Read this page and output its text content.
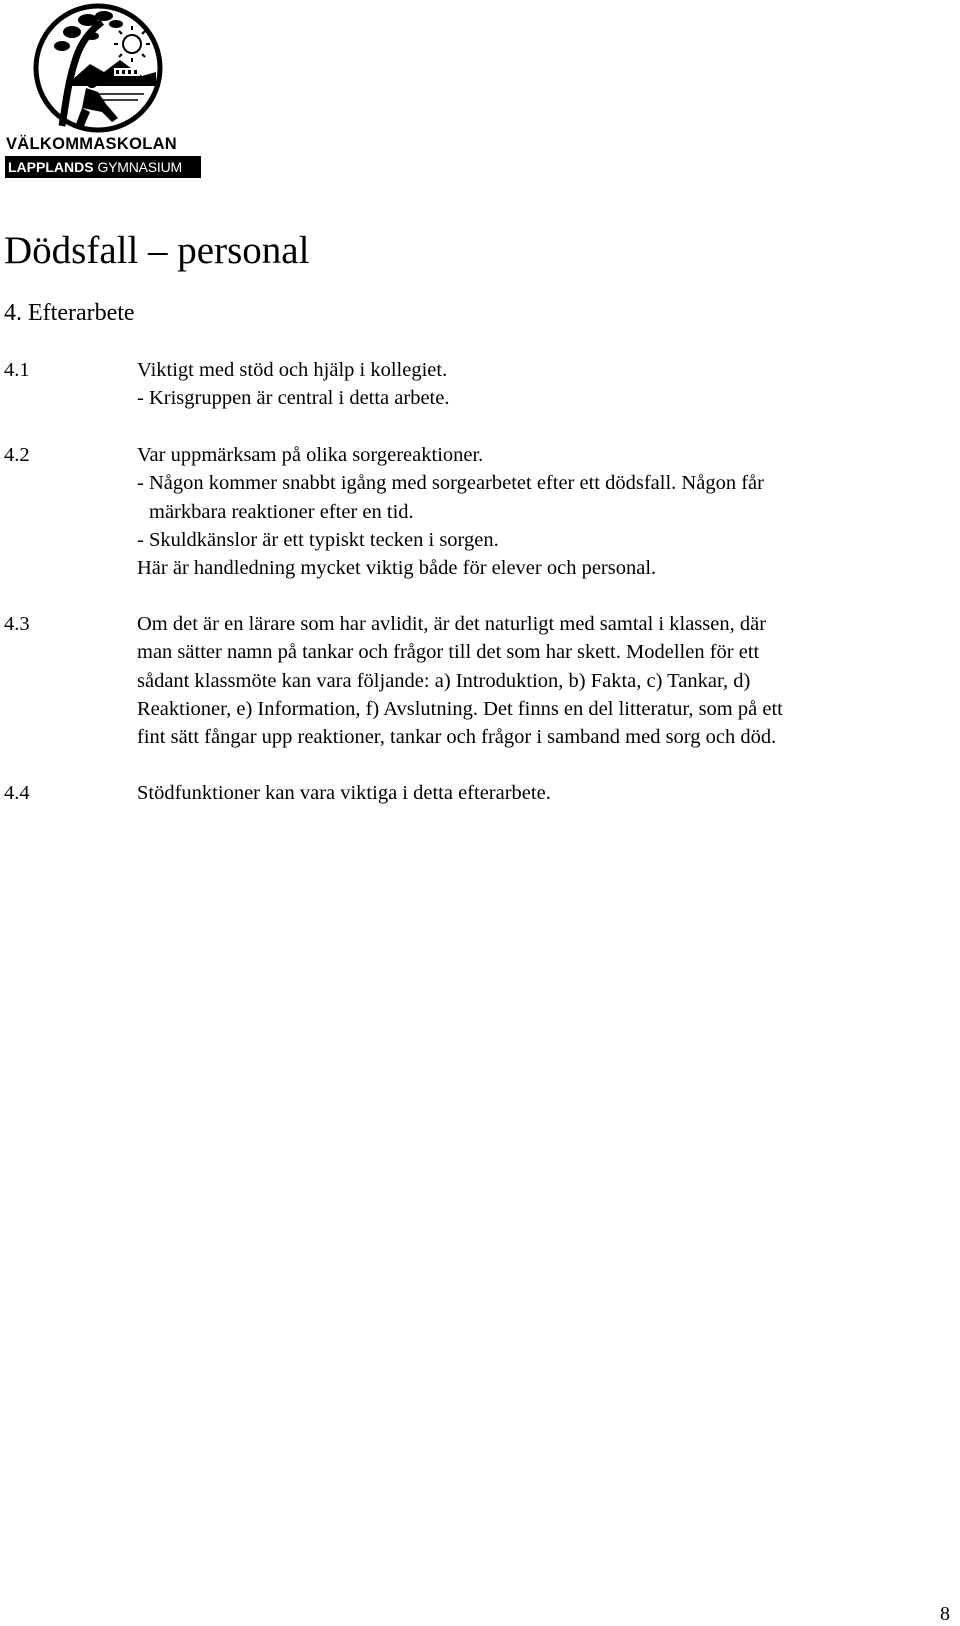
VÄLKOMMASKOLAN
LAPPLANDS GYMNASIUM
Dödsfall – personal
4. Efterarbete
4.1	Viktigt med stöd och hjälp i kollegiet.
- Krisgruppen är central i detta arbete.
4.2	Var uppmärksam på olika sorgereaktioner.
- Någon kommer snabbt igång med sorgearbetet efter ett dödsfall. Någon får
märkbara reaktioner efter en tid.
- Skuldkänslor är ett typiskt tecken i sorgen.
Här är handledning mycket viktig både för elever och personal.
4.3	Om det är en lärare som har avlidit, är det naturligt med samtal i klassen, där
man sätter namn på tankar och frågor till det som har skett. Modellen för ett
sådant klassmöte kan vara följande: a) Introduktion, b) Fakta, c) Tankar, d)
Reaktioner, e) Information, f) Avslutning. Det finns en del litteratur, som på ett
fint sätt fångar upp reaktioner, tankar och frågor i samband med sorg och död.
4.4	Stödfunktioner kan vara viktiga i detta efterarbete.
8
